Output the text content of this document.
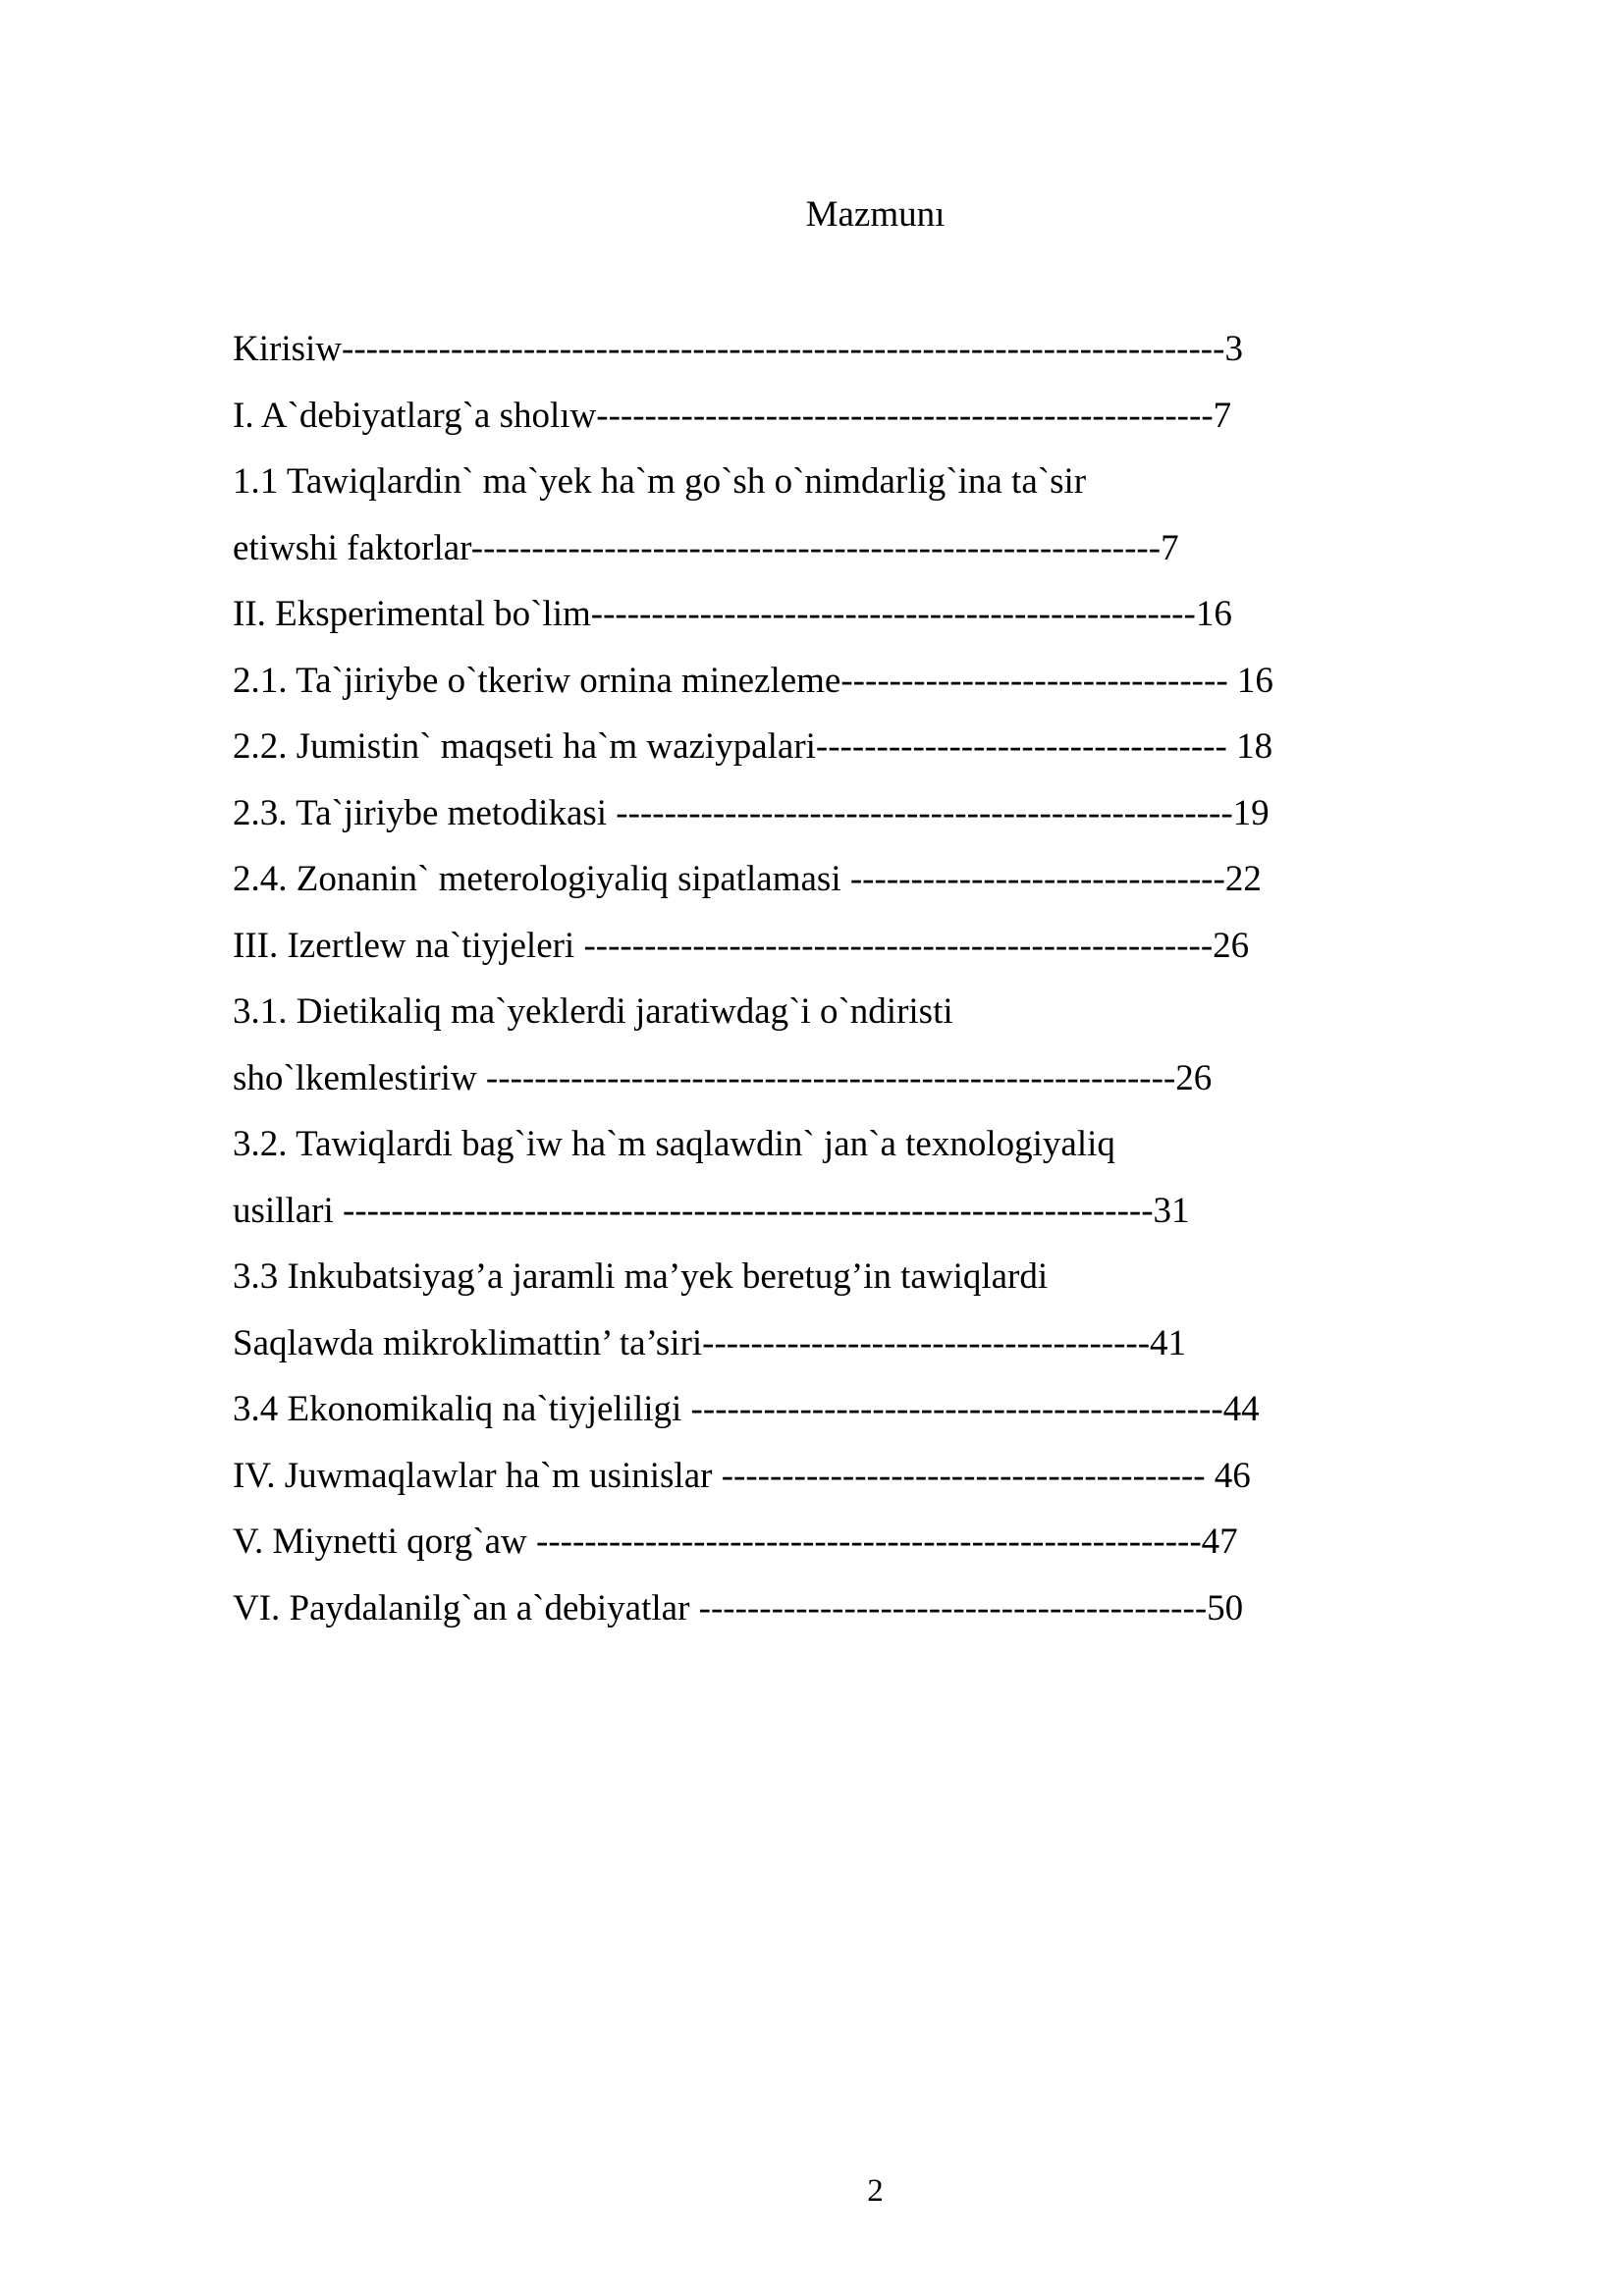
Mazmunı
Kirisiw-------------------------------------------------------------------------3
I. A`debiyatlarg`a sholıw---------------------------------------------------7
1.1 Tawiqlardin` ma`yek ha`m go`sh o`nimdarlig`ina ta`sir
etiwshi faktorlar---------------------------------------------------------7
II. Eksperimental bo`lim--------------------------------------------------16
2.1. Ta`jiriybe o`tkeriw ornina minezleme-------------------------------- 16
2.2. Jumistin` maqseti ha`m waziypalari---------------------------------- 18
2.3. Ta`jiriybe metodikasi ---------------------------------------------------19
2.4. Zonanin` meterologiyaliq sipatlamasi -------------------------------22
III. Izertlew na`tiyjeleri ----------------------------------------------------26
3.1. Dietikaliq ma`yeklerdi jaratiwdag`i o`ndiristi
sho`lkemlestiriw ---------------------------------------------------------26
3.2. Tawiqlardi bag`iw ha`m saqlawdin` jan`a texnologiyaliq
usillari -------------------------------------------------------------------31
3.3 Inkubatsiyag’a jaramli ma’yek beretug’in tawiqlardi
Saqlawda mikroklimattin’ ta’siri-------------------------------------41
3.4 Ekonomikaliq na`tiyjeliligi --------------------------------------------44
IV. Juwmaqlawlar ha`m usinislar ---------------------------------------- 46
V. Miynetti qorg`aw -------------------------------------------------------47
VI. Paydalanilg`an a`debiyatlar ------------------------------------------50
2
